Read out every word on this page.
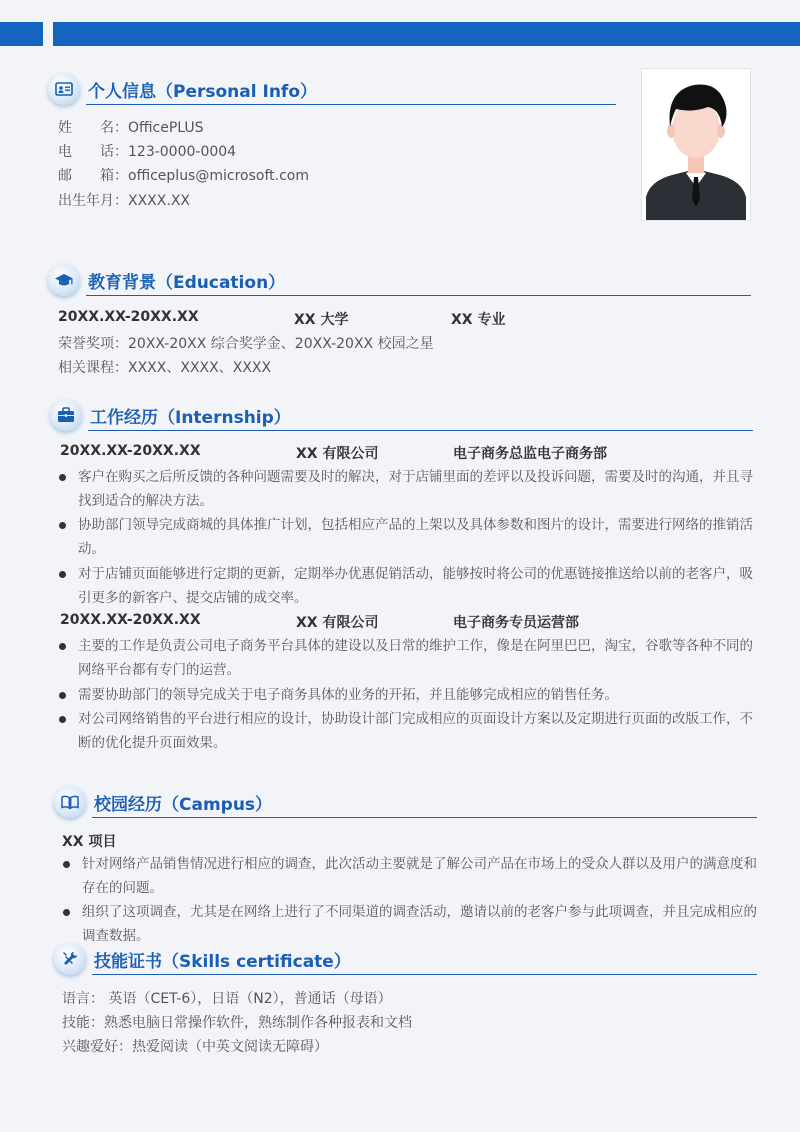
个人信息（Personal Info）
姓　　名：OfficePLUS
电　　话：123-0000-0004
邮　　箱：officeplus@microsoft.com
出生年月：XXXX.XX
教育背景（Education）
20XX.XX-20XX.XX	XX 大学	XX 专业
荣誉奖项：20XX-20XX 综合奖学金、20XX-20XX 校园之星
相关课程：XXXX、XXXX、XXXX
工作经历（Internship）
20XX.XX-20XX.XX	XX 有限公司	电子商务总监电子商务部
客户在购买之后所反馈的各种问题需要及时的解决，对于店铺里面的差评以及投诉问题，需要及时的沟通，并且寻找到适合的解决方法。
协助部门领导完成商城的具体推广计划，包括相应产品的上架以及具体参数和图片的设计，需要进行网络的推销活动。
对于店铺页面能够进行定期的更新，定期举办优惠促销活动，能够按时将公司的优惠链接推送给以前的老客户，吸引更多的新客户、提交店铺的成交率。
20XX.XX-20XX.XX	XX 有限公司	电子商务专员运营部
主要的工作是负责公司电子商务平台具体的建设以及日常的维护工作，像是在阿里巴巴，淘宝，谷歌等各种不同的网络平台都有专门的运营。
需要协助部门的领导完成关于电子商务具体的业务的开拓，并且能够完成相应的销售任务。
对公司网络销售的平台进行相应的设计，协助设计部门完成相应的页面设计方案以及定期进行页面的改版工作，不断的优化提升页面效果。
校园经历（Campus）
XX 项目
针对网络产品销售情况进行相应的调查，此次活动主要就是了解公司产品在市场上的受众人群以及用户的满意度和存在的问题。
组织了这项调查，尤其是在网络上进行了不同渠道的调查活动，邀请以前的老客户参与此项调查，并且完成相应的调查数据。
技能证书（Skills certificate）
语言： 英语（CET-6），日语（N2），普通话（母语）
技能：熟悉电脑日常操作软件，熟练制作各种报表和文档
兴趣爱好：热爱阅读（中英文阅读无障碍）
